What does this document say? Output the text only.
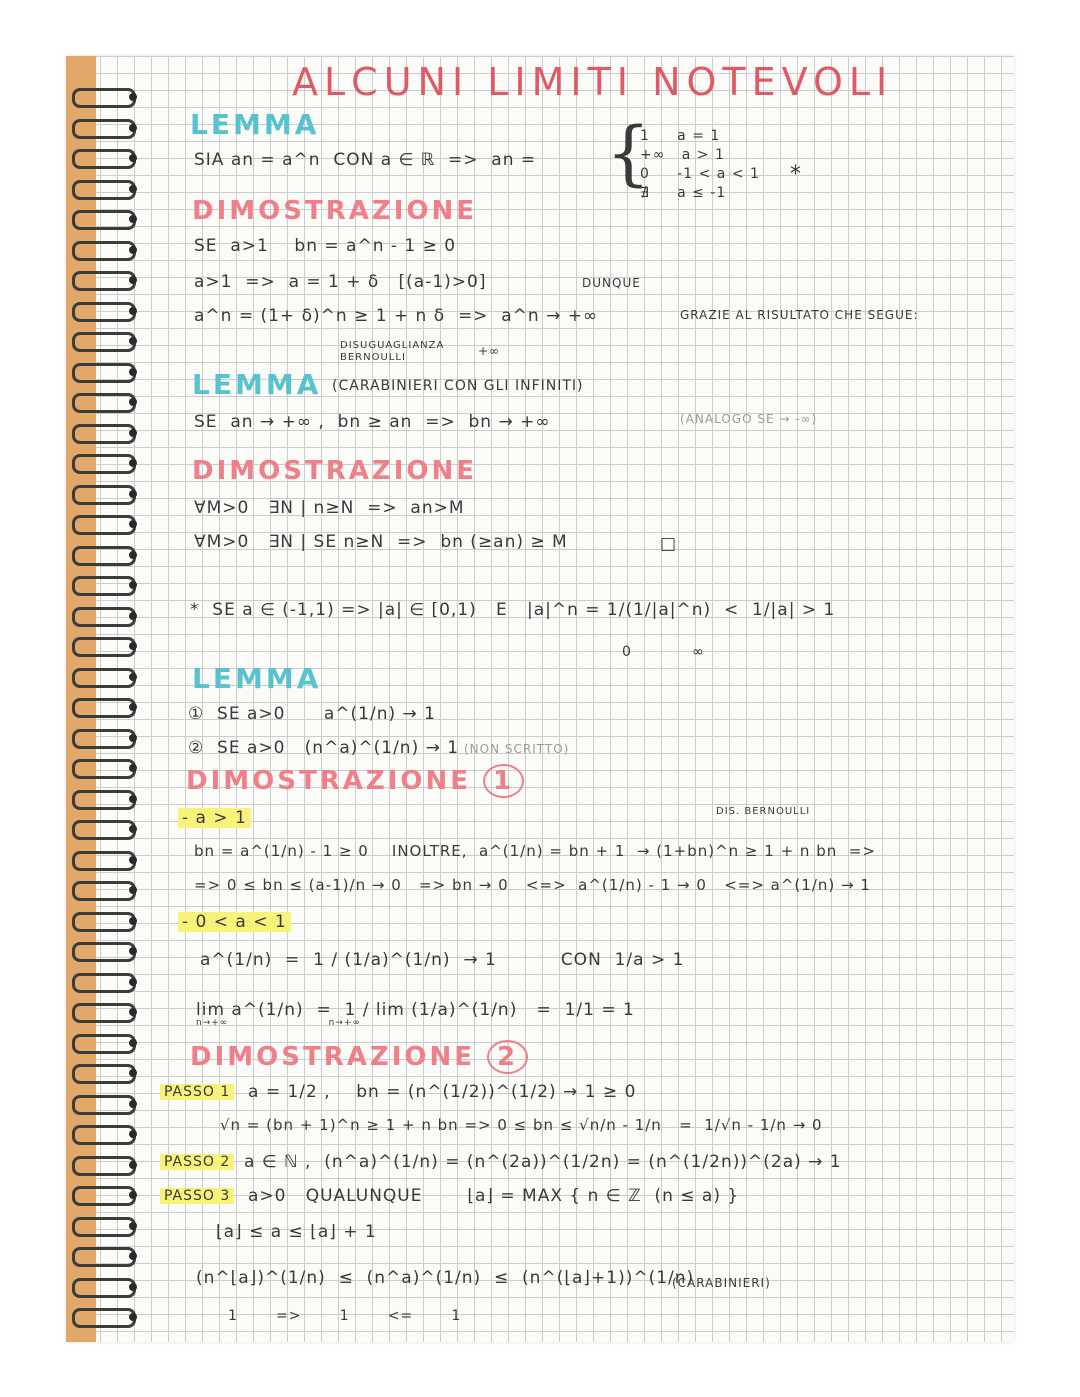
ALCUNI LIMITI NOTEVOLI
LEMMA
SIA an = a^n  CON a ∈ ℝ  =>  an = {
1     a = 1
+∞   a > 1
0     -1 < a < 1
∄     a ≤ -1
*
DIMOSTRAZIONE
SE  a>1    bn = a^n - 1 ≥ 0
a>1  =>  a = 1 + δ   [(a-1)>0]	DUNQUE
a^n = (1+ δ)^n ≥ 1 + n δ  =>  a^n → +∞	GRAZIE AL RISULTATO CHE SEGUE:
DISUGUAGLIANZA
BERNOULLI	+∞
LEMMA (CARABINIERI CON GLI INFINITI)
SE  an → +∞ ,  bn ≥ an  =>  bn → +∞	(ANALOGO SE → -∞)
DIMOSTRAZIONE
∀M>0   ∃N | n≥N  =>  an>M
∀M>0   ∃N | SE n≥N  =>  bn (≥an) ≥ M	□
*  SE a ∈ (-1,1) => |a| ∈ [0,1)   E   |a|^n = 1/(1/|a|^n)  <  1/|a| > 1
0	∞
LEMMA
①  SE a>0      a^(1/n) → 1
②  SE a>0   (n^a)^(1/n) → 1 (NON SCRITTO)
DIMOSTRAZIONE 1
- a > 1	DIS. BERNOULLI
bn = a^(1/n) - 1 ≥ 0    INOLTRE,  a^(1/n) = bn + 1  → (1+bn)^n ≥ 1 + n bn  =>
=> 0 ≤ bn ≤ (a-1)/n → 0   => bn → 0   <=>  a^(1/n) - 1 → 0   <=> a^(1/n) → 1
- 0 < a < 1
a^(1/n)  =  1 / (1/a)^(1/n)  → 1          CON  1/a > 1
lim a^(1/n)  =  1 / lim (1/a)^(1/n)   =  1/1 = 1
n→+∞                          n→+∞
DIMOSTRAZIONE 2
PASSO 1 a = 1/2 ,    bn = (n^(1/2))^(1/2) → 1 ≥ 0
√n = (bn + 1)^n ≥ 1 + n bn => 0 ≤ bn ≤ √n/n - 1/n   =  1/√n - 1/n → 0
PASSO 2 a ∈ ℕ ,  (n^a)^(1/n) = (n^(2a))^(1/2n) = (n^(1/2n))^(2a) → 1
PASSO 3 a>0   QUALUNQUE       ⌊a⌋ = MAX { n ∈ ℤ  (n ≤ a) }
⌊a⌋ ≤ a ≤ ⌊a⌋ + 1
(n^⌊a⌋)^(1/n)  ≤  (n^a)^(1/n)  ≤  (n^(⌊a⌋+1))^(1/n)
(CARABINIERI)
1       =>       1       <=       1
